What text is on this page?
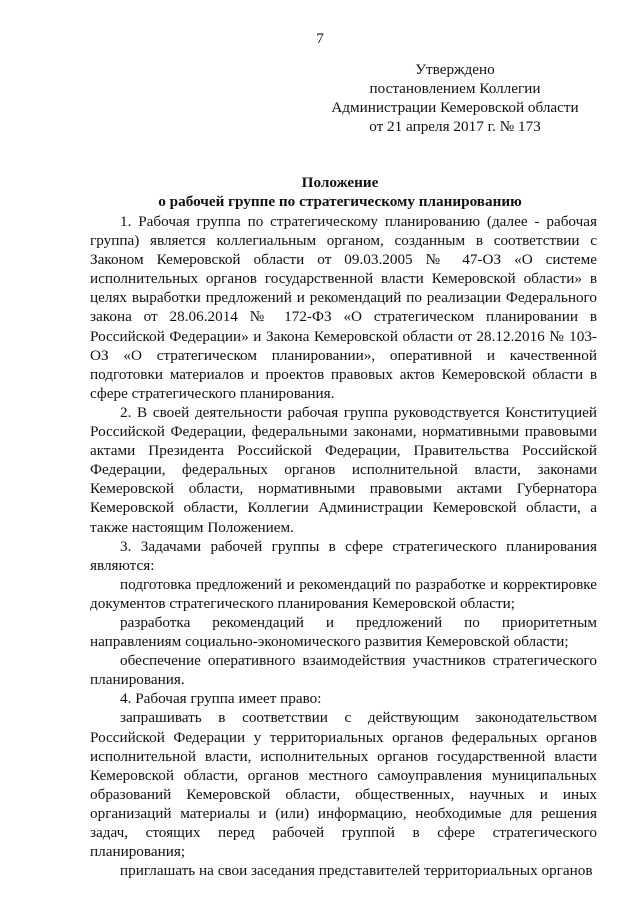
7
Утверждено
постановлением Коллегии
Администрации Кемеровской области
от 21 апреля 2017 г. № 173
Положение
о рабочей группе по стратегическому планированию

1. Рабочая группа по стратегическому планированию (далее - рабочая группа) является коллегиальным органом, созданным в соответствии с Законом Кемеровской области от 09.03.2005 № 47-ОЗ «О системе исполнительных органов государственной власти Кемеровской области» в целях выработки предложений и рекомендаций по реализации Федерального закона от 28.06.2014 № 172-ФЗ «О стратегическом планировании в Российской Федерации» и Закона Кемеровской области от 28.12.2016 № 103-ОЗ «О стратегическом планировании», оперативной и качественной подготовки материалов и проектов правовых актов Кемеровской области в сфере стратегического планирования.

2. В своей деятельности рабочая группа руководствуется Конституцией Российской Федерации, федеральными законами, нормативными правовыми актами Президента Российской Федерации, Правительства Российской Федерации, федеральных органов исполнительной власти, законами Кемеровской области, нормативными правовыми актами Губернатора Кемеровской области, Коллегии Администрации Кемеровской области, а также настоящим Положением.

3. Задачами рабочей группы в сфере стратегического планирования являются:

подготовка предложений и рекомендаций по разработке и корректировке документов стратегического планирования Кемеровской области;

разработка рекомендаций и предложений по приоритетным направлениям социально-экономического развития Кемеровской области;

обеспечение оперативного взаимодействия участников стратегического планирования.

4. Рабочая группа имеет право:

запрашивать в соответствии с действующим законодательством Российской Федерации у территориальных органов федеральных органов исполнительной власти, исполнительных органов государственной власти Кемеровской области, органов местного самоуправления муниципальных образований Кемеровской области, общественных, научных и иных организаций материалы и (или) информацию, необходимые для решения задач, стоящих перед рабочей группой в сфере стратегического планирования;

приглашать на свои заседания представителей территориальных органов
